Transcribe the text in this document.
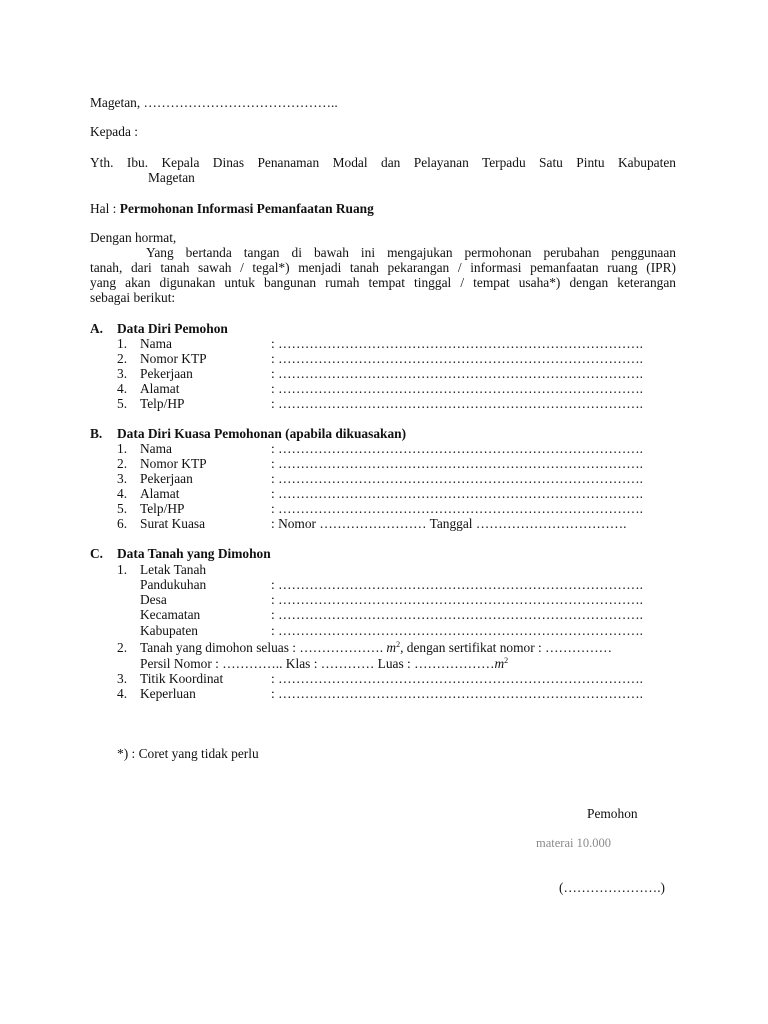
Magetan, ……………………………………..
Kepada :
Yth. Ibu. Kepala Dinas Penanaman Modal dan Pelayanan Terpadu Satu Pintu Kabupaten
Magetan
Hal : Permohonan Informasi Pemanfaatan Ruang
Dengan hormat,
Yang bertanda tangan di bawah ini mengajukan permohonan perubahan penggunaan
tanah, dari tanah sawah / tegal*) menjadi tanah pekarangan / informasi pemanfaatan ruang (IPR)
yang akan digunakan untuk bangunan rumah tempat tinggal / tempat usaha*) dengan keterangan
sebagai berikut:
A. Data Diri Pemohon
1. Nama	: ……………………………………………………………………….
2. Nomor KTP	: ……………………………………………………………………….
3. Pekerjaan	: ……………………………………………………………………….
4. Alamat	: ……………………………………………………………………….
5. Telp/HP	: ……………………………………………………………………….
B. Data Diri Kuasa Pemohonan (apabila dikuasakan)
1. Nama	: ……………………………………………………………………….
2. Nomor KTP	: ……………………………………………………………………….
3. Pekerjaan	: ……………………………………………………………………….
4. Alamat	: ……………………………………………………………………….
5. Telp/HP	: ……………………………………………………………………….
6. Surat Kuasa	: Nomor …………………… Tanggal …………………………….
C. Data Tanah yang Dimohon
1. Letak Tanah
Pandukuhan	: ……………………………………………………………………….
Desa	: ……………………………………………………………………….
Kecamatan	: ……………………………………………………………………….
Kabupaten	: ……………………………………………………………………….
2. Tanah yang dimohon seluas : ………………. $m^2$, dengan sertifikat nomor : ……………
Persil Nomor : ………….. Klas : ………… Luas : $\dots\dots\dots\dots\dots\dots m^2$
3. Titik Koordinat	: ……………………………………………………………………….
4. Keperluan	: ……………………………………………………………………….
*) : Coret yang tidak perlu
Pemohon
materai 10.000
(………………….)
